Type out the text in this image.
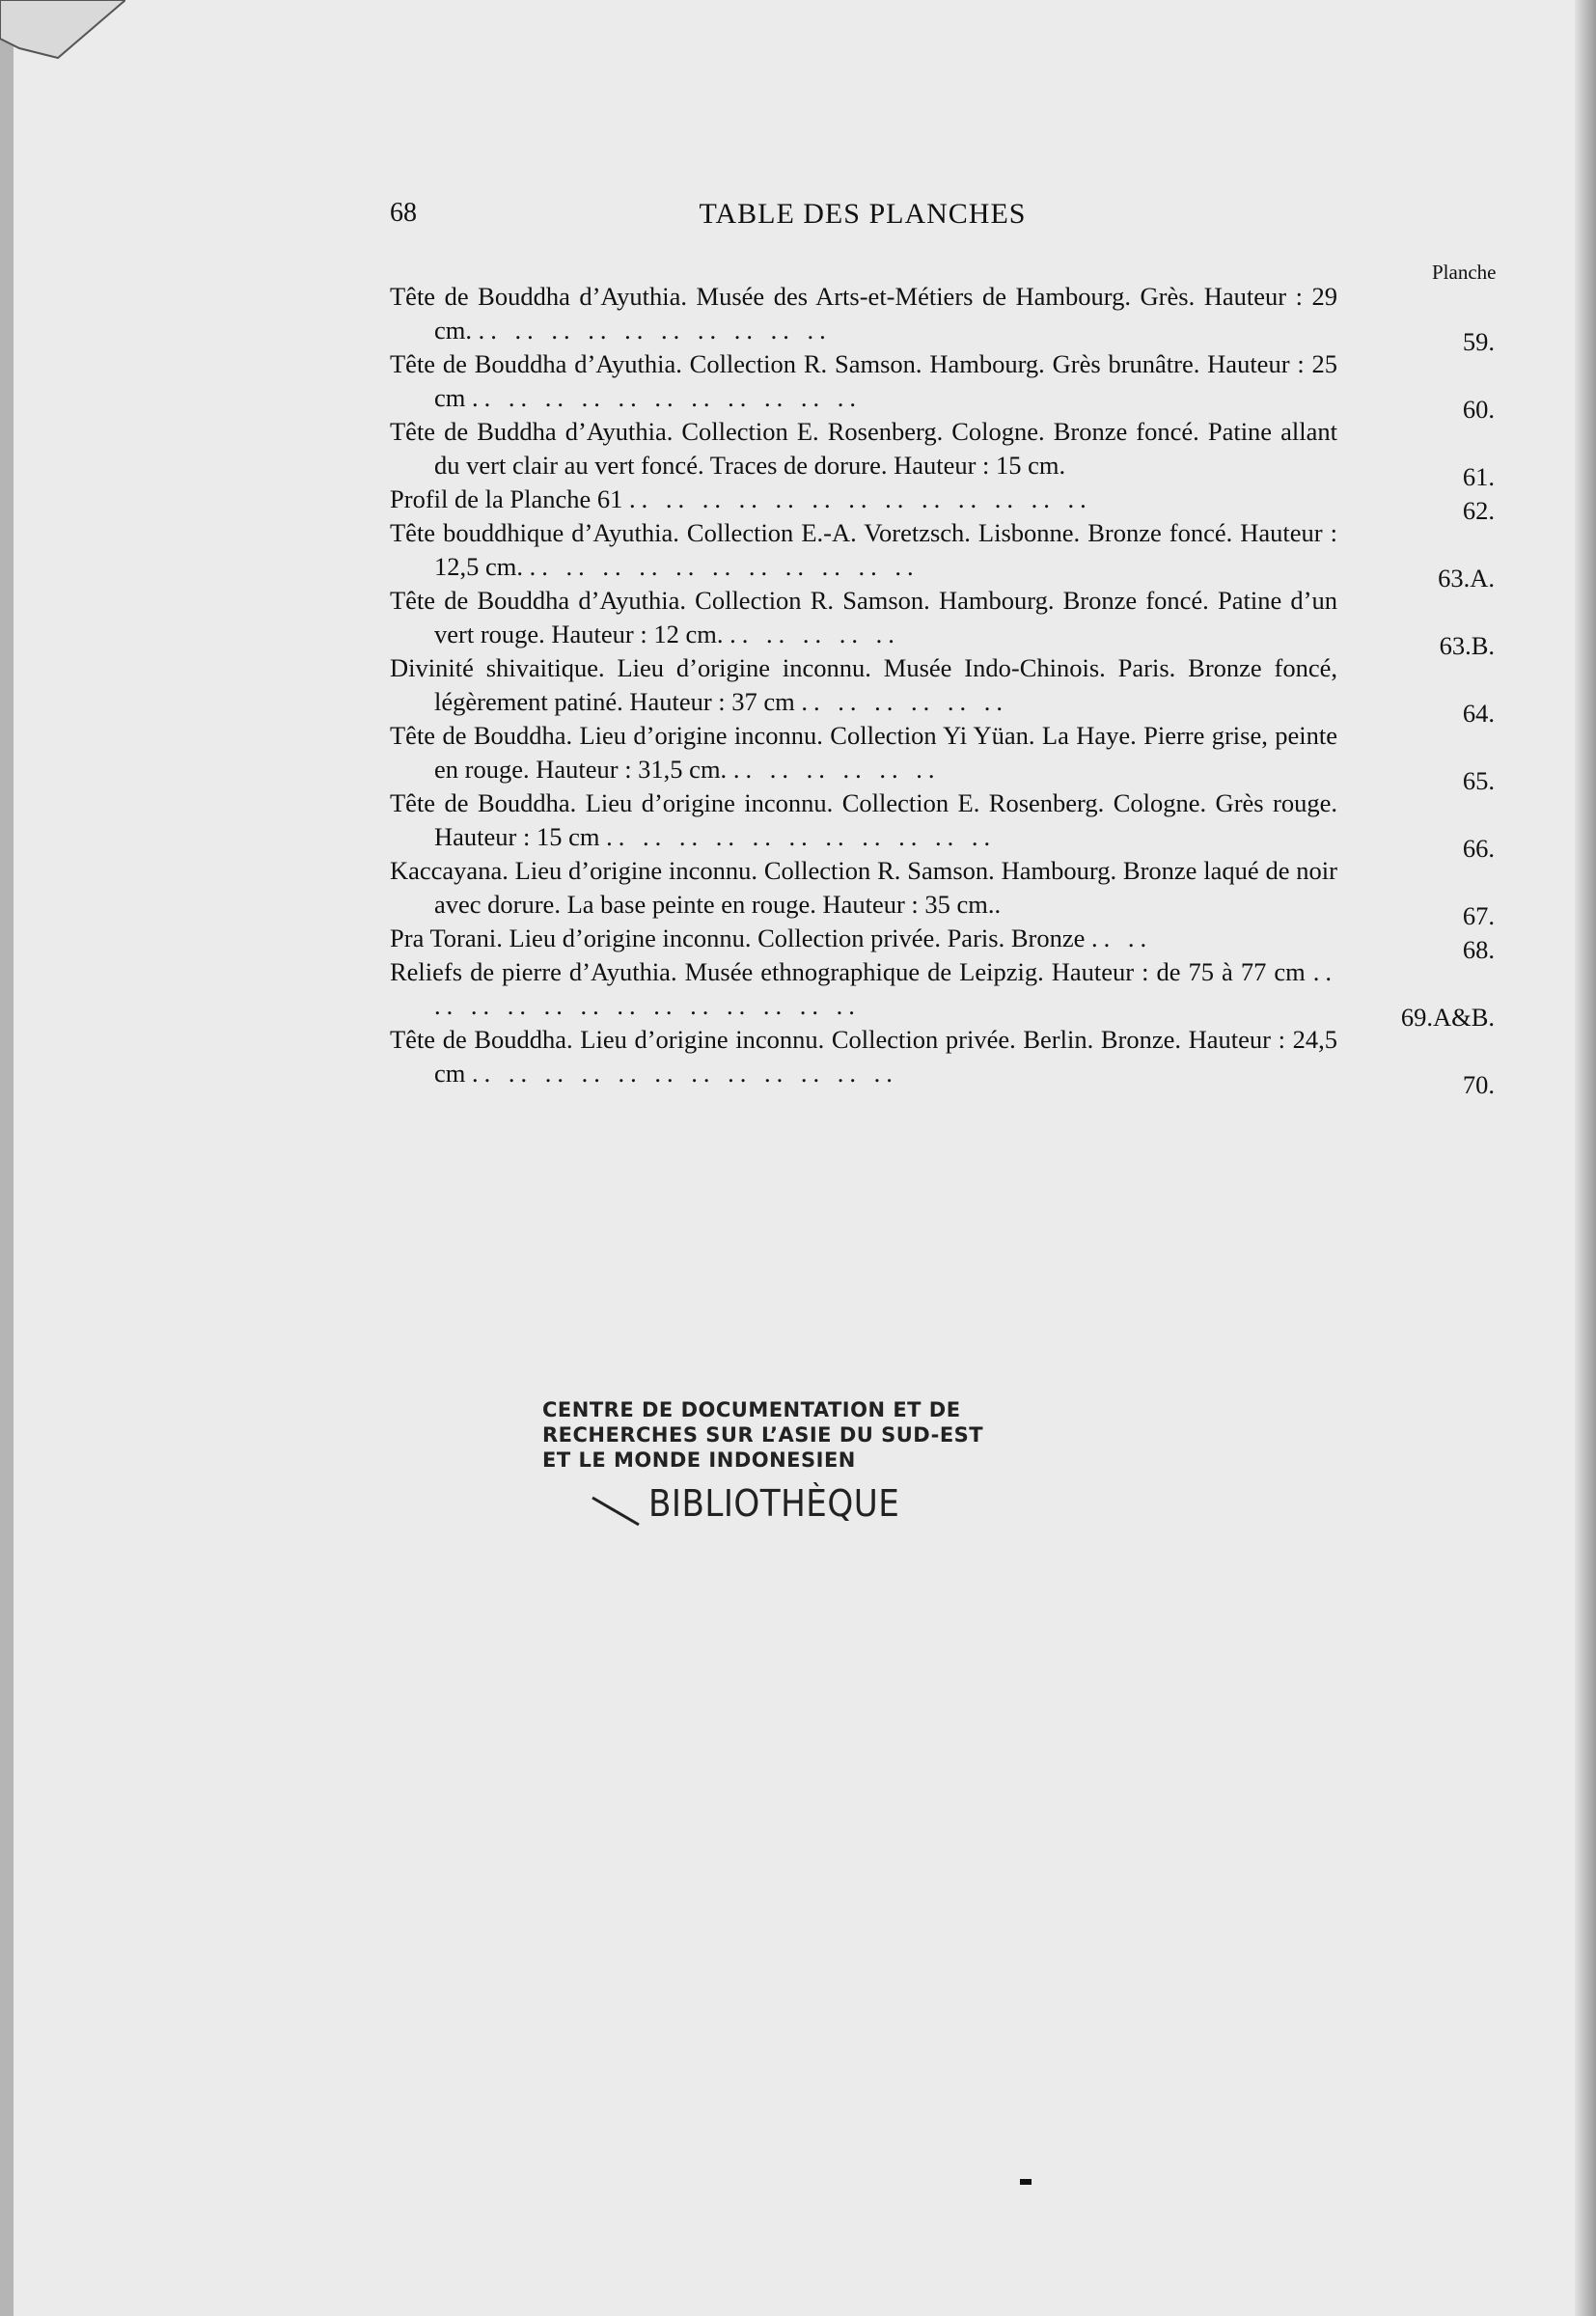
68	TABLE DES PLANCHES
Planche
Tête de Bouddha d’Ayuthia. Musée des Arts-et-Métiers de Hambourg. Grès. Hauteur : 29 cm. .. .. .. .. .. .. .. .. .. ..	59.
Tête de Bouddha d’Ayuthia. Collection R. Samson. Hambourg. Grès brunâtre. Hauteur : 25 cm .. .. .. .. .. .. .. .. .. .. ..	60.
Tête de Buddha d’Ayuthia. Collection E. Rosenberg. Cologne. Bronze foncé. Patine allant du vert clair au vert foncé. Traces de dorure. Hauteur : 15 cm.	61.
Profil de la Planche 61 .. .. .. .. .. .. .. .. .. .. .. .. ..	62.
Tête bouddhique d’Ayuthia. Collection E.-A. Voretzsch. Lisbonne. Bronze foncé. Hauteur : 12,5 cm. .. .. .. .. .. .. .. .. .. .. ..	63.A.
Tête de Bouddha d’Ayuthia. Collection R. Samson. Hambourg. Bronze foncé. Patine d’un vert rouge. Hauteur : 12 cm. .. .. .. .. ..	63.B.
Divinité shivaitique. Lieu d’origine inconnu. Musée Indo-Chinois. Paris. Bronze foncé, légèrement patiné. Hauteur : 37 cm .. .. .. .. .. ..	64.
Tête de Bouddha. Lieu d’origine inconnu. Collection Yi Yüan. La Haye. Pierre grise, peinte en rouge. Hauteur : 31,5 cm. .. .. .. .. .. ..	65.
Tête de Bouddha. Lieu d’origine inconnu. Collection E. Rosenberg. Cologne. Grès rouge. Hauteur : 15 cm .. .. .. .. .. .. .. .. .. .. ..	66.
Kaccayana. Lieu d’origine inconnu. Collection R. Samson. Hambourg. Bronze laqué de noir avec dorure. La base peinte en rouge. Hauteur : 35 cm..	67.
Pra Torani. Lieu d’origine inconnu. Collection privée. Paris. Bronze .. ..	68.
Reliefs de pierre d’Ayuthia. Musée ethnographique de Leipzig. Hauteur : de 75 à 77 cm .. .. .. .. .. .. .. .. .. .. .. .. ..	69.A&B.
Tête de Bouddha. Lieu d’origine inconnu. Collection privée. Berlin. Bronze. Hauteur : 24,5 cm .. .. .. .. .. .. .. .. .. .. .. ..	70.
CENTRE DE DOCUMENTATION ET DE
RECHERCHES SUR L’ASIE DU SUD-EST
ET LE MONDE INDONESIEN
BIBLIOTHÈQUE
